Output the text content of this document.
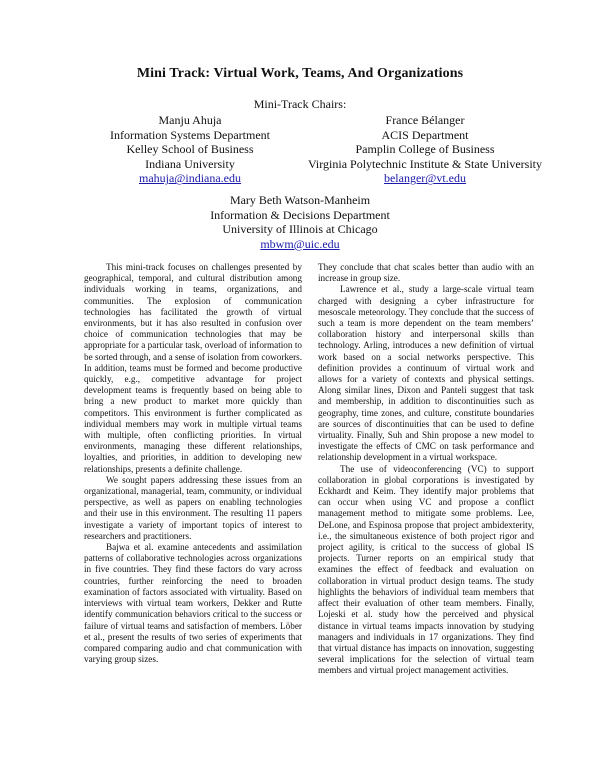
Mini Track: Virtual Work, Teams, And Organizations
Mini-Track Chairs:
Manju Ahuja
Information Systems Department
Kelley School of Business
Indiana University
mahuja@indiana.edu
France Bélanger
ACIS Department
Pamplin College of Business
Virginia Polytechnic Institute & State University
belanger@vt.edu
Mary Beth Watson-Manheim
Information & Decisions Department
University of Illinois at Chicago
mbwm@uic.edu

This mini-track focuses on challenges presented by geographical, temporal, and cultural distribution among individuals working in teams, organizations, and communities. The explosion of communication technologies has facilitated the growth of virtual environments, but it has also resulted in confusion over choice of communication technologies that may be appropriate for a particular task, overload of information to be sorted through, and a sense of isolation from coworkers. In addition, teams must be formed and become productive quickly, e.g., competitive advantage for project development teams is frequently based on being able to bring a new product to market more quickly than competitors. This environment is further complicated as individual members may work in multiple virtual teams with multiple, often conflicting priorities. In virtual environments, managing these different relationships, loyalties, and priorities, in addition to developing new relationships, presents a definite challenge.

We sought papers addressing these issues from an organizational, managerial, team, community, or individual perspective, as well as papers on enabling technologies and their use in this environment. The resulting 11 papers investigate a variety of important topics of interest to researchers and practitioners.

Bajwa et al. examine antecedents and assimilation patterns of collaborative technologies across organizations in five countries. They find these factors do vary across countries, further reinforcing the need to broaden examination of factors associated with virtuality. Based on interviews with virtual team workers, Dekker and Rutte identify communication behaviors critical to the success or failure of virtual teams and satisfaction of members. Löber et al., present the results of two series of experiments that compared comparing audio and chat communication with varying group sizes.

They conclude that chat scales better than audio with an increase in group size.

Lawrence et al., study a large-scale virtual team charged with designing a cyber infrastructure for mesoscale meteorology. They conclude that the success of such a team is more dependent on the team members’ collaboration history and interpersonal skills than technology. Arling, introduces a new definition of virtual work based on a social networks perspective. This definition provides a continuum of virtual work and allows for a variety of contexts and physical settings. Along similar lines, Dixon and Panteli suggest that task and membership, in addition to discontinuities such as geography, time zones, and culture, constitute boundaries are sources of discontinuities that can be used to define virtuality. Finally, Suh and Shin propose a new model to investigate the effects of CMC on task performance and relationship development in a virtual workspace.

The use of videoconferencing (VC) to support collaboration in global corporations is investigated by Eckhardt and Keim. They identify major problems that can occur when using VC and propose a conflict management method to mitigate some problems. Lee, DeLone, and Espinosa propose that project ambidexterity, i.e., the simultaneous existence of both project rigor and project agility, is critical to the success of global IS projects. Turner reports on an empirical study that examines the effect of feedback and evaluation on collaboration in virtual product design teams. The study highlights the behaviors of individual team members that affect their evaluation of other team members. Finally, Lojeski et al. study how the perceived and physical distance in virtual teams impacts innovation by studying managers and individuals in 17 organizations. They find that virtual distance has impacts on innovation, suggesting several implications for the selection of virtual team members and virtual project management activities.
